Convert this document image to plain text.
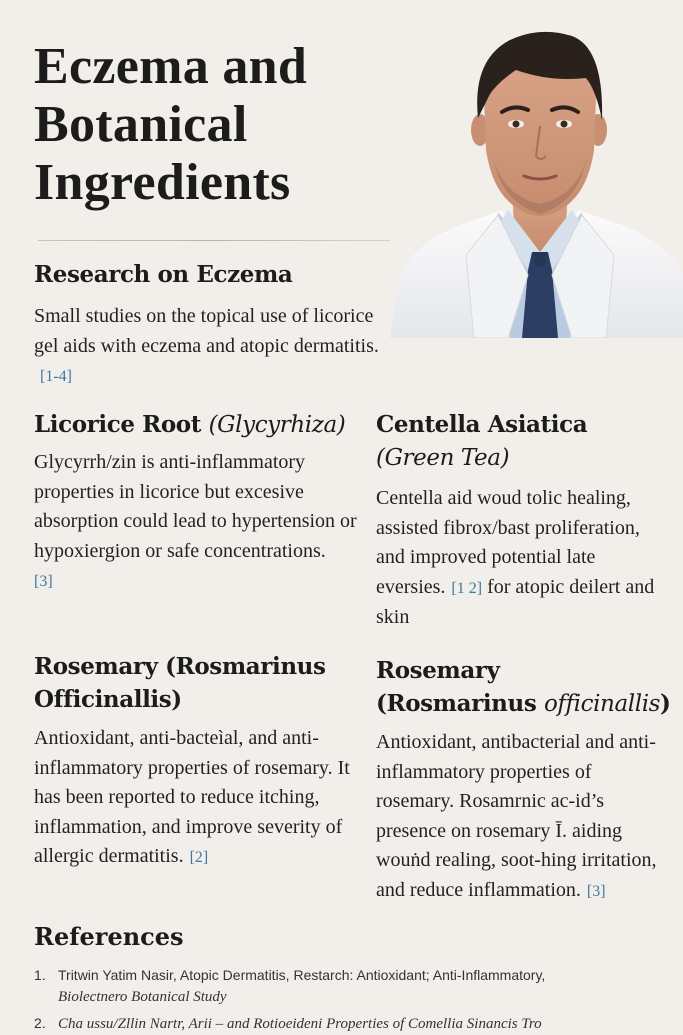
Eczema and
Botanical
Ingredients
Research on Eczema
Small studies on the topical use of licorice gel aids with eczema and atopic dermatitis.[1-4]
Licorice Root (Glycyrhiza)
Glycyrrh/zin is anti-inflammatory properties in licorice but excesive absorption could lead to hypertension or hypoxiergion or safe concentrations.
[3]
Centella Asiatica
(Green Tea)
Centella aid woud tolic healing, assisted fibrox/bast proliferation, and improved potential late eversies. [1 2] for atopic deilert and skin
Rosemary (Rosmarinus Officinallis)
Antioxidant, anti-bacteìal, and anti-inflammatory properties of rosemary. It has been reported to reduce itching, inflammation, and improve severity of allergic dermatitis. [2]
Rosemary
(Rosmarinus officinallis)
Antioxidant, antibacterial and anti-inflammatory properties of rosemary. Rosamrnic ac-id’s presence on rosemary Ī. aiding wouṅd realing, soot-hing irritation, and reduce inflammation. [3]
References
1. Tritwin Yatim Nasir, Atopic Dermatitis, Restarch: Antioxidant; Anti-Inflammatory,
Biolectnero Botanical Study
2. Cha ussu/Zllin Nartr, Arii – and Rotioeideni Properties of Comellia Sinancis Tro
